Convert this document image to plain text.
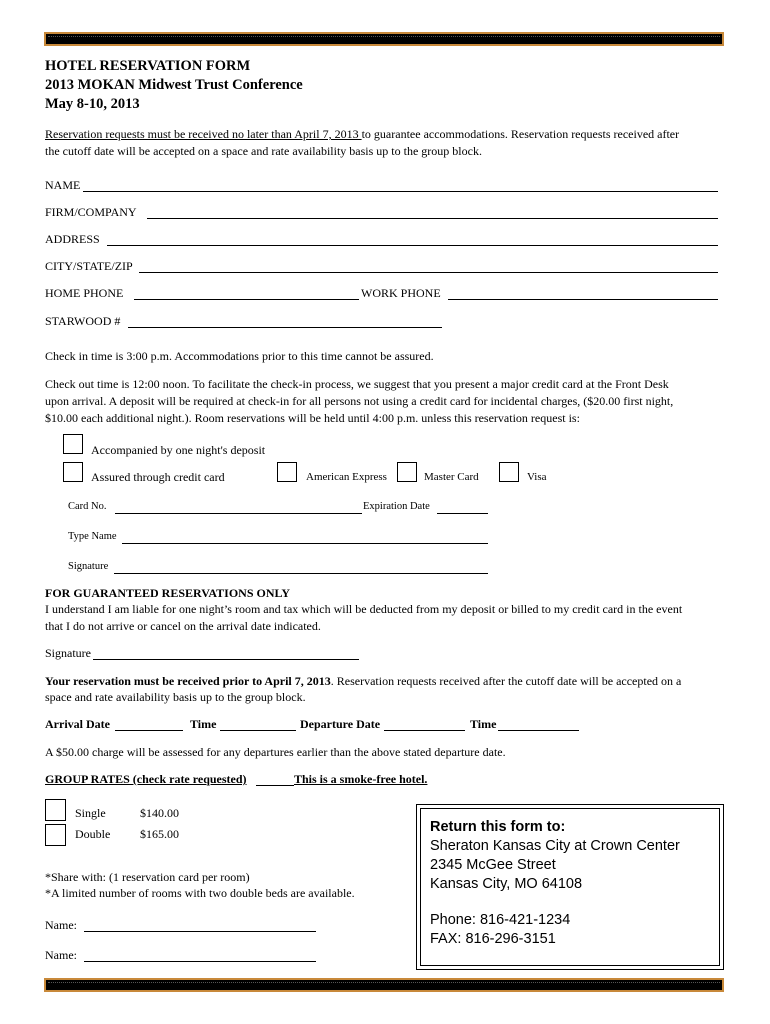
HOTEL RESERVATION FORM
2013 MOKAN Midwest Trust Conference
May 8-10, 2013
Reservation requests must be received no later than April 7, 2013 to guarantee accommodations. Reservation requests received after
the cutoff date will be accepted on a space and rate availability basis up to the group block.
NAME
FIRM/COMPANY
ADDRESS
CITY/STATE/ZIP
HOME PHONE	WORK PHONE
STARWOOD #
Check in time is 3:00 p.m. Accommodations prior to this time cannot be assured.
Check out time is 12:00 noon. To facilitate the check-in process, we suggest that you present a major credit card at the Front Desk
upon arrival. A deposit will be required at check-in for all persons not using a credit card for incidental charges, ($20.00 first night,
$10.00 each additional night.). Room reservations will be held until 4:00 p.m. unless this reservation request is:
Accompanied by one night's deposit
Assured through credit card	American Express	Master Card	Visa
Card No.	Expiration Date
Type Name
Signature
FOR GUARANTEED RESERVATIONS ONLY
I understand I am liable for one night’s room and tax which will be deducted from my deposit or billed to my credit card in the event
that I do not arrive or cancel on the arrival date indicated.
Signature
Your reservation must be received prior to April 7, 2013. Reservation requests received after the cutoff date will be accepted on a
space and rate availability basis up to the group block.
Arrival Date	Time	Departure Date	Time
A $50.00 charge will be assessed for any departures earlier than the above stated departure date.
GROUP RATES (check rate requested)	This is a smoke-free hotel.
Single	$140.00
Double $165.00
*Share with: (1 reservation card per room)
*A limited number of rooms with two double beds are available.
Name:
Name:
Return this form to:
Sheraton Kansas City at Crown Center
2345 McGee Street
Kansas City, MO 64108
Phone: 816-421-1234
FAX: 816-296-3151
